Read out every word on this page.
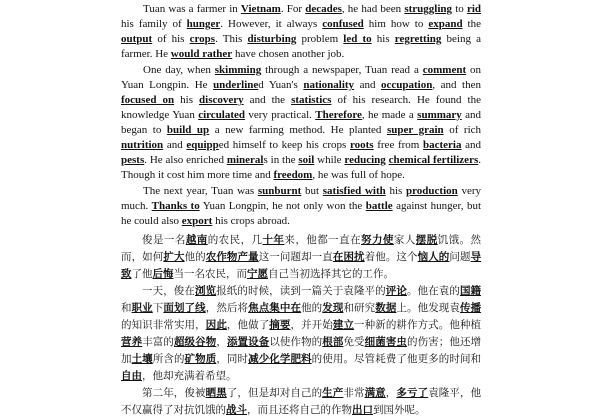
Tuan was a farmer in Vietnam. For decades, he had been struggling to rid his family of hunger. However, it always confused him how to expand the output of his crops. This disturbing problem led to his regretting being a farmer. He would rather have chosen another job.

One day, when skimming through a newspaper, Tuan read a comment on Yuan Longpin. He underlined Yuan's nationality and occupation, and then focused on his discovery and the statistics of his research. He found the knowledge Yuan circulated very practical. Therefore, he made a summary and began to build up a new farming method. He planted super grain of rich nutrition and equipped himself to keep his crops roots free from bacteria and pests. He also enriched minerals in the soil while reducing chemical fertilizers. Though it cost him more time and freedom, he was full of hope.

The next year, Tuan was sunburnt but satisfied with his production very much. Thanks to Yuan Longpin, he not only won the battle against hunger, but he could also export his crops abroad.

俊是一名越南的农民，几十年来，他都一直在努力使家人摆脱饥饿。然而，如何扩大他的农作物产量这一问题却一直在困扰着他。这个恼人的问题导致了他后悔当一名农民，而宁愿自己当初选择其它的工作。

一天，俊在浏览报纸的时候，读到一篇关于袁隆平的评论。他在袁的国籍和职业下面划了线，然后将焦点集中在他的发现和研究数据上。他发现袁传播的知识非常实用，因此，他做了摘要，并开始建立一种新的耕作方式。他种植营养丰富的超级谷物，添置设备以使作物的根部免受细菌害虫的伤害；他还增加土壤所含的矿物质，同时减少化学肥料的使用。尽管耗费了他更多的时间和自由，他却充满着希望。

第二年，俊被晒黑了，但是却对自己的生产非常满意，多亏了袁隆平，他不仅赢得了对抗饥饿的战斗，而且还将自己的作物出口到国外呢。
